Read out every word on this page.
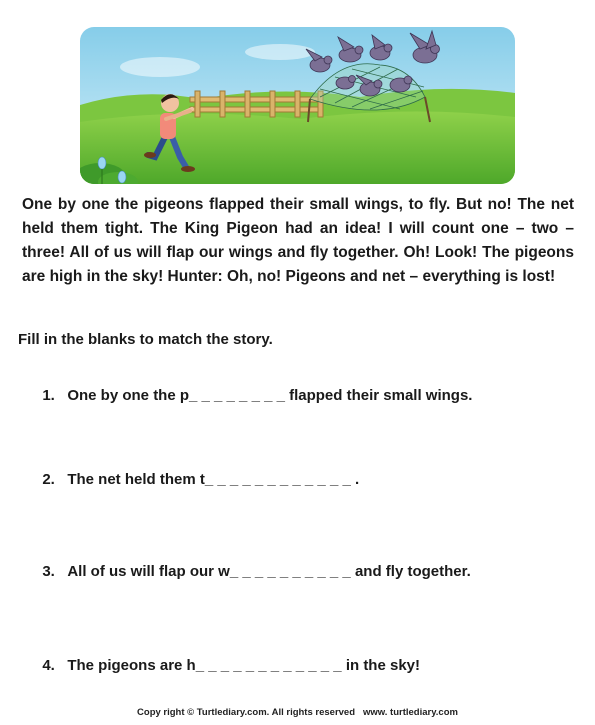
One by one the pigeons flapped their small wings, to fly. But no! The net held them tight. The King Pigeon had an idea! I will count one – two – three! All of us will flap our wings and fly together. Oh! Look! The pigeons are high in the sky! Hunter: Oh, no! Pigeons and net – everything is lost!

Fill in the blanks to match the story.

1. One by one the p_ _ _ _ _ _ _ _ flapped their small wings.

2. The net held them t_ _ _ _ _ _ _ _ _ _ _ _ .

3. All of us will flap our w_ _ _ _ _ _ _ _ _ _ and fly together.

4. The pigeons are h_ _ _ _ _ _ _ _ _ _ _ _ in the sky!

Copy right © Turtlediary.com. All rights reserved www. turtlediary.com
